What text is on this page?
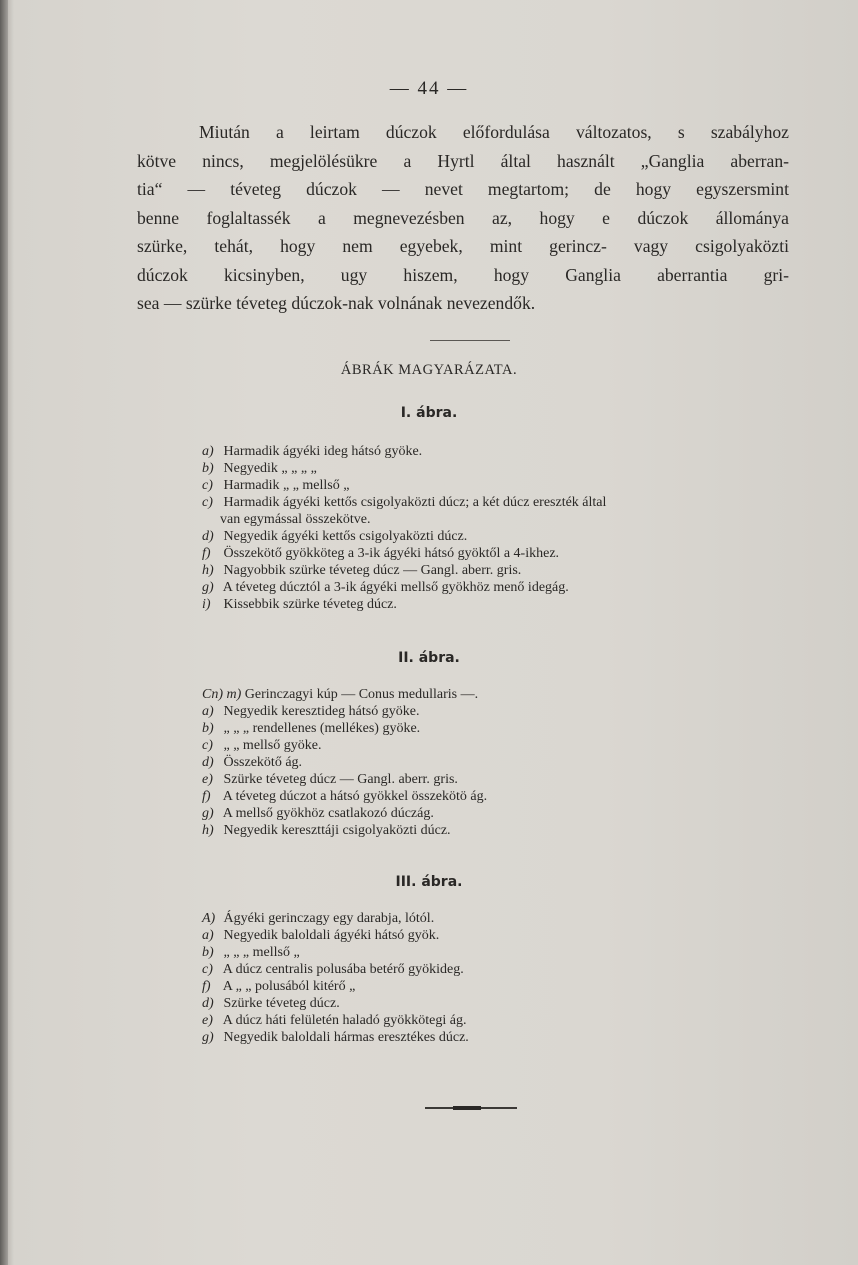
— 44 —
Miután a leirtam dúczok előfordulása változatos, s szabályhoz
kötve nincs, megjelölésükre a Hyrtl által használt „Ganglia aberran-
tia“ — téveteg dúczok — nevet megtartom; de hogy egyszersmint
benne foglaltassék a megnevezésben az, hogy e dúczok állománya
szürke, tehát, hogy nem egyebek, mint gerincz- vagy csigolyaközti
dúczok kicsinyben, ugy hiszem, hogy Ganglia aberrantia gri-
sea — szürke téveteg dúczok-nak volnának nevezendők.
ÁBRÁK MAGYARÁZATA.
I. ábra.
a) Harmadik ágyéki ideg hátsó gyöke.
b) Negyedik „ „ „ „
c) Harmadik „ „ mellső „
c) Harmadik ágyéki kettős csigolyaközti dúcz; a két dúcz ereszték által
van egymással összekötve.
d) Negyedik ágyéki kettős csigolyaközti dúcz.
f) Összekötő gyökköteg a 3-ik ágyéki hátsó gyöktől a 4-ikhez.
h) Nagyobbik szürke téveteg dúcz — Gangl. aberr. gris.
g) A téveteg dúcztól a 3-ik ágyéki mellső gyökhöz menő idegág.
i) Kissebbik szürke téveteg dúcz.
II. ábra.
Cn) m) Gerinczagyi kúp — Conus medullaris —.
a) Negyedik keresztideg hátsó gyöke.
b) „ „ „ rendellenes (mellékes) gyöke.
c) „ „ mellső gyöke.
d) Összekötő ág.
e) Szürke téveteg dúcz — Gangl. aberr. gris.
f) A téveteg dúczot a hátsó gyökkel összekötö ág.
g) A mellső gyökhöz csatlakozó dúczág.
h) Negyedik kereszttáji csigolyaközti dúcz.
III. ábra.
A) Ágyéki gerinczagy egy darabja, lótól.
a) Negyedik baloldali ágyéki hátsó gyök.
b) „ „ „ mellső „
c) A dúcz centralis polusába betérő gyökideg.
f) A „ „ polusából kitérő „
d) Szürke téveteg dúcz.
e) A dúcz háti felületén haladó gyökkötegi ág.
g) Negyedik baloldali hármas eresztékes dúcz.
